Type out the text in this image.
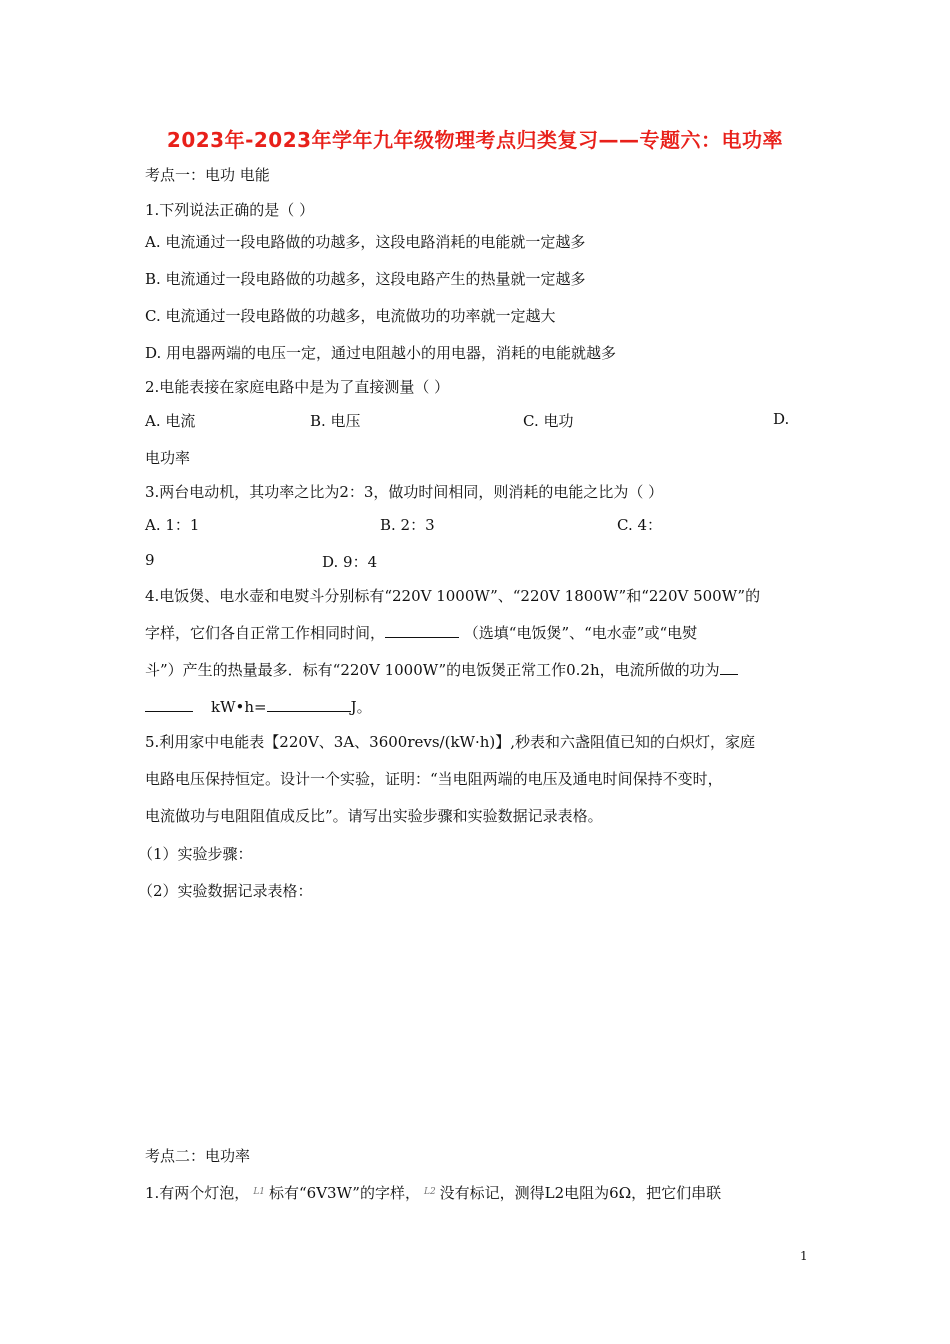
2023年-2023年学年九年级物理考点归类复习——专题六：电功率
考点一：电功 电能
1.下列说法正确的是（ ）
A. 电流通过一段电路做的功越多，这段电路消耗的电能就一定越多
B. 电流通过一段电路做的功越多，这段电路产生的热量就一定越多
C. 电流通过一段电路做的功越多，电流做功的功率就一定越大
D. 用电器两端的电压一定，通过电阻越小的用电器，消耗的电能就越多
2.电能表接在家庭电路中是为了直接测量（ ）
A. 电流	B. 电压	C. 电功	D.
电功率
3.两台电动机，其功率之比为2：3，做功时间相同，则消耗的电能之比为（ ）
A. 1：1	B. 2：3	C. 4：
9	D. 9：4
4.电饭煲、电水壶和电熨斗分别标有“220V 1000W”、“220V 1800W”和“220V 500W”的
字样，它们各自正常工作相同时间，	（选填“电饭煲”、“电水壶”或“电熨
斗”）产生的热量最多．标有“220V 1000W”的电饭煲正常工作0.2h，电流所做的功为
kW•h=	J。
5.利用家中电能表【220V、3A、3600revs/(kW·h)】,秒表和六盏阻值已知的白炽灯，家庭
电路电压保持恒定。设计一个实验，证明：“当电阻两端的电压及通电时间保持不变时，
电流做功与电阻阻值成反比”。请写出实验步骤和实验数据记录表格。
（1）实验步骤：
（2）实验数据记录表格：
考点二：电功率
1.有两个灯泡， L1 标有“6V3W”的字样， L2 没有标记，测得L2电阻为6Ω，把它们串联
1
